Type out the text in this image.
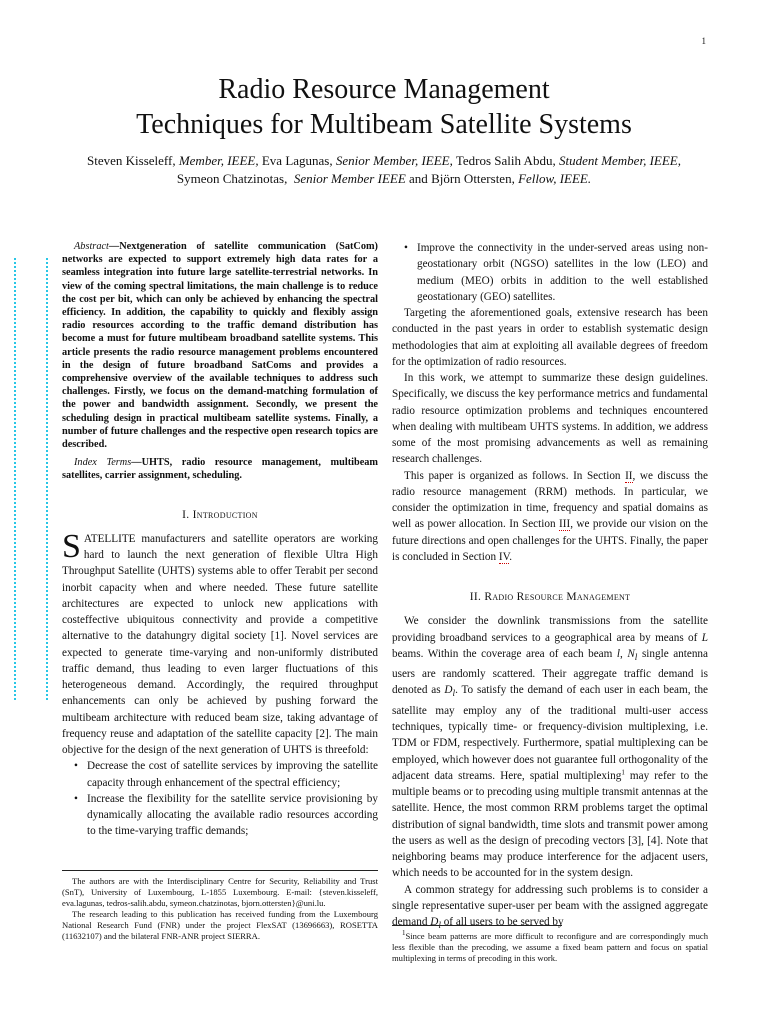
1
Radio Resource Management
Techniques for Multibeam Satellite Systems
Steven Kisseleff, Member, IEEE, Eva Lagunas, Senior Member, IEEE, Tedros Salih Abdu, Student Member, IEEE,
Symeon Chatzinotas, Senior Member IEEE and Björn Ottersten, Fellow, IEEE.

Abstract—Nextgeneration of satellite communication (SatCom) networks are expected to support extremely high data rates for a seamless integration into future large satellite-terrestrial networks. In view of the coming spectral limitations, the main challenge is to reduce the cost per bit, which can only be achieved by enhancing the spectral efficiency. In addition, the capability to quickly and flexibly assign radio resources according to the traffic demand distribution has become a must for future multibeam broadband satellite systems. This article presents the radio resource management problems encountered in the design of future broadband SatComs and provides a comprehensive overview of the available techniques to address such challenges. Firstly, we focus on the demand-matching formulation of the power and bandwidth assignment. Secondly, we present the scheduling design in practical multibeam satellite systems. Finally, a number of future challenges and the respective open research topics are described.

Index Terms—UHTS, radio resource management, multibeam satellites, carrier assignment, scheduling.

I. Introduction

SATELLITE manufacturers and satellite operators are working hard to launch the next generation of flexible Ultra High Throughput Satellite (UHTS) systems able to offer Terabit per second inorbit capacity when and where needed. These future satellite architectures are expected to unlock new applications with costeffective ubiquitous connectivity and provide a competitive alternative to the datahungry digital society [1]. Novel services are expected to generate time-varying and non-uniformly distributed traffic demand, thus leading to even larger fluctuations of this heterogeneous demand. Accordingly, the required throughput enhancements can only be achieved by pushing forward the multibeam architecture with reduced beam size, taking advantage of frequency reuse and adaptation of the satellite capacity [2]. The main objective for the design of the next generation of UHTS is threefold:

• Decrease the cost of satellite services by improving the satellite capacity through enhancement of the spectral efficiency;
• Increase the flexibility for the satellite service provisioning by dynamically allocating the available radio resources according to the time-varying traffic demands;
• Improve the connectivity in the under-served areas using non-geostationary orbit (NGSO) satellites in the low (LEO) and medium (MEO) orbits in addition to the well established geostationary (GEO) satellites.

Targeting the aforementioned goals, extensive research has been conducted in the past years in order to establish systematic design methodologies that aim at exploiting all available degrees of freedom for the optimization of radio resources.

In this work, we attempt to summarize these design guidelines. Specifically, we discuss the key performance metrics and fundamental radio resource optimization problems and techniques encountered when dealing with multibeam UHTS systems. In addition, we address some of the most promising advancements as well as remaining research challenges.

This paper is organized as follows. In Section II, we discuss the radio resource management (RRM) methods. In particular, we consider the optimization in time, frequency and spatial domains as well as power allocation. In Section III, we provide our vision on the future directions and open challenges for the UHTS. Finally, the paper is concluded in Section IV.

II. Radio Resource Management

We consider the downlink transmissions from the satellite providing broadband services to a geographical area by means of L beams. Within the coverage area of each beam l, $N_l$ single antenna users are randomly scattered. Their aggregate traffic demand is denoted as $D_l$. To satisfy the demand of each user in each beam, the satellite may employ any of the traditional multi-user access techniques, typically time- or frequency-division multiplexing, i.e. TDM or FDM, respectively. Furthermore, spatial multiplexing can be employed, which however does not guarantee full orthogonality of the adjacent data streams. Here, spatial multiplexing$^1$ may refer to the multiple beams or to precoding using multiple transmit antennas at the satellite. Hence, the most common RRM problems target the optimal distribution of signal bandwidth, time slots and transmit power among the users as well as the design of precoding vectors [3], [4]. Note that neighboring beams may produce interference for the adjacent users, which needs to be accounted for in the system design.

A common strategy for addressing such problems is to consider a single representative super-user per beam with the assigned aggregate demand $D_l$ of all users to be served by

The authors are with the Interdisciplinary Centre for Security, Reliability and Trust (SnT), University of Luxembourg, L-1855 Luxembourg. E-mail: {steven.kisseleff, eva.lagunas, tedros-salih.abdu, symeon.chatzinotas, bjorn.ottersten}@uni.lu.

The research leading to this publication has received funding from the Luxembourg National Research Fund (FNR) under the project FlexSAT (13696663), ROSETTA (11632107) and the bilateral FNR-ANR project SIERRA.	$^1$Since beam patterns are more difficult to reconfigure and are correspondingly much less flexible than the precoding, we assume a fixed beam pattern and focus on spatial multiplexing in terms of precoding in this work.
